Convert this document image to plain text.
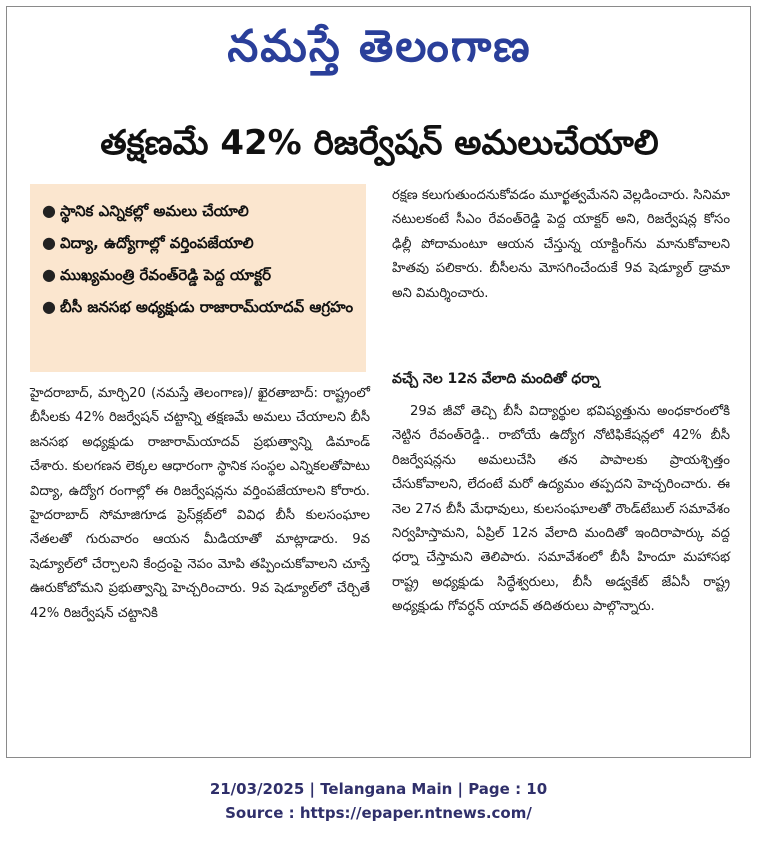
నమస్తే తెలంగాణ
తక్షణమే 42% రిజర్వేషన్ అమలుచేయాలి
● స్థానిక ఎన్నికల్లో అమలు చేయాలి
● విద్యా, ఉద్యోగాల్లో వర్తింపజేయాలి
● ముఖ్యమంత్రి రేవంత్‌రెడ్డి పెద్ద యాక్టర్
● బీసీ జనసభ అధ్యక్షుడు రాజారామ్‌యాదవ్ ఆగ్రహం

హైదరాబాద్, మార్చి20 (నమస్తే తెలంగాణ)/ ఖైరతాబాద్: రాష్ట్రంలో బీసీలకు 42% రిజర్వేషన్ చట్టాన్ని తక్షణమే అమలు చేయాలని బీసీ జనసభ అధ్యక్షుడు రాజారామ్‌యాదవ్ ప్రభుత్వాన్ని డిమాండ్ చేశారు. కులగణన లెక్కల ఆధారంగా స్థానిక సంస్థల ఎన్నికలతోపాటు విద్యా, ఉద్యోగ రంగాల్లో ఈ రిజర్వేషన్లను వర్తింపజేయాలని కోరారు. హైదరాబాద్ సోమాజిగూడ ప్రెస్‌క్లబ్‌లో వివిధ బీసీ కులసంఘాల నేతలతో గురువారం ఆయన మీడియాతో మాట్లాడారు. 9వ షెడ్యూల్‌లో చేర్చాలని కేంద్రంపై నెపం మోపి తప్పించుకోవాలని చూస్తే ఊరుకోబోమని ప్రభుత్వాన్ని హెచ్చరించారు. 9వ షెడ్యూల్‌లో చేర్చితే 42% రిజర్వేషన్ చట్టానికి

రక్షణ కలుగుతుందనుకోవడం మూర్ఖత్వమేనని వెల్లడించారు. సినిమా నటులకంటే సీఎం రేవంత్‌రెడ్డి పెద్ద యాక్టర్ అని, రిజర్వేషన్ల కోసం ఢిల్లీ పోదామంటూ ఆయన చేస్తున్న యాక్టింగ్‌ను మానుకోవాలని హితవు పలికారు. బీసీలను మోసగించేందుకే 9వ షెడ్యూల్ డ్రామా అని విమర్శించారు.

వచ్చే నెల 12న వేలాది మందితో ధర్నా

29వ జీవో తెచ్చి బీసీ విద్యార్థుల భవిష్యత్తును అంధకారంలోకి నెట్టిన రేవంత్‌రెడ్డి.. రాబోయే ఉద్యోగ నోటిఫికేషన్లలో 42% బీసీ రిజర్వేషన్లను అమలుచేసి తన పాపాలకు ప్రాయశ్చిత్తం చేసుకోవాలని, లేదంటే మరో ఉద్యమం తప్పదని హెచ్చరించారు. ఈ నెల 27న బీసీ మేధావులు, కులసంఘాలతో రౌండ్‌టేబుల్ సమావేశం నిర్వహిస్తామని, ఏప్రిల్ 12న వేలాది మందితో ఇందిరాపార్కు వద్ద ధర్నా చేస్తామని తెలిపారు. సమావేశంలో బీసీ హిందూ మహాసభ రాష్ట్ర అధ్యక్షుడు సిద్ధేశ్వరులు, బీసీ అడ్వకేట్ జేఏసీ రాష్ట్ర అధ్యక్షుడు గోవర్ధన్ యాదవ్ తదితరులు పాల్గొన్నారు.

21/03/2025 | Telangana Main | Page : 10
Source : https://epaper.ntnews.com/
